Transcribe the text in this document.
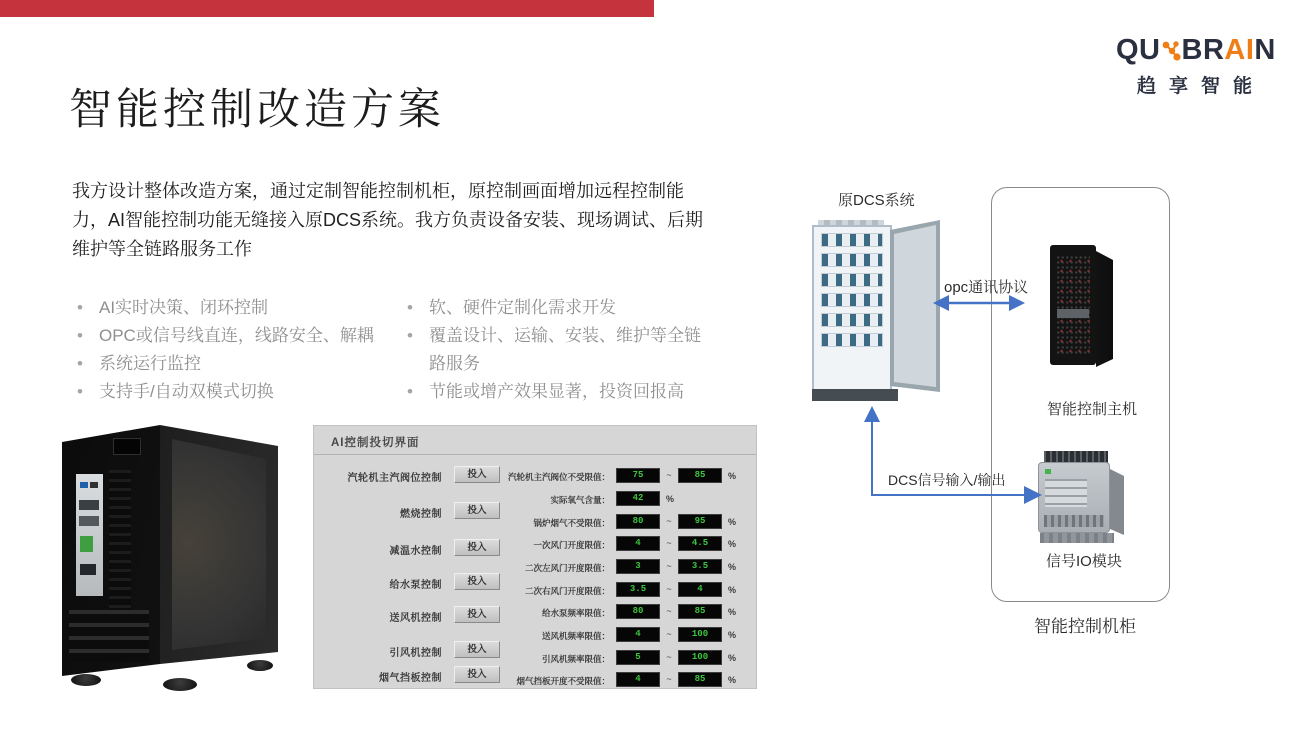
QU BRAIN
趋享智能
智能控制改造方案

我方设计整体改造方案，通过定制智能控制机柜，原控制画面增加远程控制能力，AI智能控制功能无缝接入原DCS系统。我方负责设备安装、现场调试、后期维护等全链路服务工作

• AI实时决策、闭环控制
• OPC或信号线直连，线路安全、解耦
• 系统运行监控
• 支持手/自动双模式切换
• 软、硬件定制化需求开发
• 覆盖设计、运输、安装、维护等全链路服务
• 节能或增产效果显著，投资回报高
AI控制投切界面
汽轮机主汽阀位控制	投入
燃烧控制	投入
减温水控制	投入
给水泵控制	投入
送风机控制	投入
引风机控制	投入
烟气挡板控制	投入
汽轮机主汽阀位不受限值：	75	~	85	%
实际氧气含量：	42	%
锅炉烟气不受限值：	80	~	95	%
一次风门开度限值：	4	~	4.5	%
二次左风门开度限值：	3	~	3.5	%
二次右风门开度限值：	3.5	~	4	%
给水泵频率限值：	80	~	85	%
送风机频率限值：	4	~	100	%
引风机频率限值：	5	~	100	%
烟气挡板开度不受限值：	4	~	85	%
原DCS系统
智能控制主机
opc通讯协议
DCS信号输入/输出
信号IO模块
智能控制机柜
